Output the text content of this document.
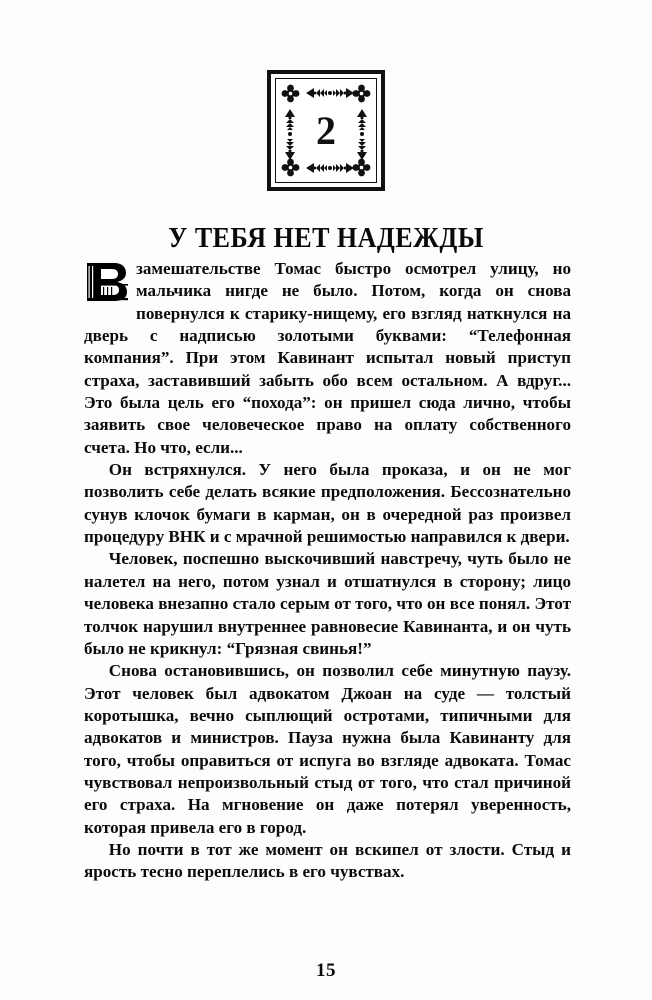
2
У ТЕБЯ НЕТ НАДЕЖДЫ

замешательстве Томас быстро осмотрел улицу, но мальчика нигде не было. Потом, когда он снова повернулся к старику-нищему, его взгляд наткнулся на дверь с надписью золотыми буквами: “Телефонная компания”. При этом Кавинант испытал новый приступ страха, заставивший забыть обо всем остальном. А вдруг... Это была цель его “похода”: он пришел сюда лично, чтобы заявить свое человеческое право на оплату собственного счета. Но что, если...

Он встряхнулся. У него была проказа, и он не мог позволить себе делать всякие предположения. Бессознательно сунув клочок бумаги в карман, он в очередной раз произвел процедуру ВНК и с мрачной решимостью направился к двери.

Человек, поспешно выскочивший навстречу, чуть было не налетел на него, потом узнал и отшатнулся в сторону; лицо человека внезапно стало серым от того, что он все понял. Этот толчок нарушил внутреннее равновесие Кавинанта, и он чуть было не крикнул: “Грязная свинья!”

Снова остановившись, он позволил себе минутную паузу. Этот человек был адвокатом Джоан на суде — толстый коротышка, вечно сыплющий остротами, типичными для адвокатов и министров. Пауза нужна была Кавинанту для того, чтобы оправиться от испуга во взгляде адвоката. Томас чувствовал непроизвольный стыд от того, что стал причиной его страха. На мгновение он даже потерял уверенность, которая привела его в город.

Но почти в тот же момент он вскипел от злости. Стыд и ярость тесно переплелись в его чувствах.

15
